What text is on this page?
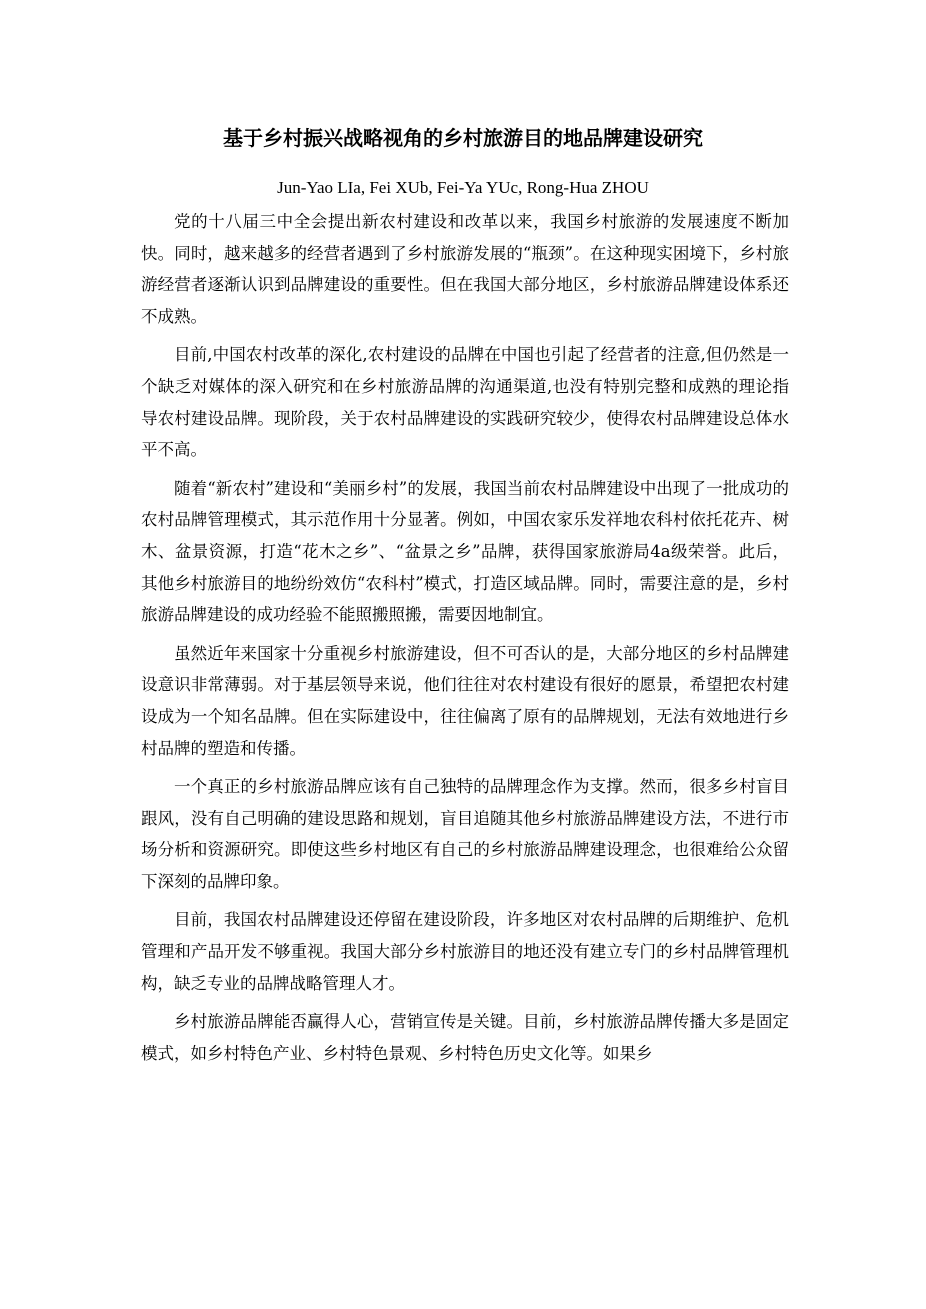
基于乡村振兴战略视角的乡村旅游目的地品牌建设研究
Jun-Yao LIa, Fei XUb, Fei-Ya YUc, Rong-Hua ZHOU

党的十八届三中全会提出新农村建设和改革以来，我国乡村旅游的发展速度不断加快。同时，越来越多的经营者遇到了乡村旅游发展的“瓶颈”。在这种现实困境下，乡村旅游经营者逐渐认识到品牌建设的重要性。但在我国大部分地区，乡村旅游品牌建设体系还不成熟。

目前,中国农村改革的深化,农村建设的品牌在中国也引起了经营者的注意,但仍然是一个缺乏对媒体的深入研究和在乡村旅游品牌的沟通渠道,也没有特别完整和成熟的理论指导农村建设品牌。现阶段，关于农村品牌建设的实践研究较少，使得农村品牌建设总体水平不高。

随着“新农村”建设和“美丽乡村”的发展，我国当前农村品牌建设中出现了一批成功的农村品牌管理模式，其示范作用十分显著。例如，中国农家乐发祥地农科村依托花卉、树木、盆景资源，打造“花木之乡”、“盆景之乡”品牌，获得国家旅游局4a级荣誉。此后，其他乡村旅游目的地纷纷效仿“农科村”模式，打造区域品牌。同时，需要注意的是，乡村旅游品牌建设的成功经验不能照搬照搬，需要因地制宜。

虽然近年来国家十分重视乡村旅游建设，但不可否认的是，大部分地区的乡村品牌建设意识非常薄弱。对于基层领导来说，他们往往对农村建设有很好的愿景，希望把农村建设成为一个知名品牌。但在实际建设中，往往偏离了原有的品牌规划，无法有效地进行乡村品牌的塑造和传播。

一个真正的乡村旅游品牌应该有自己独特的品牌理念作为支撑。然而，很多乡村盲目跟风，没有自己明确的建设思路和规划，盲目追随其他乡村旅游品牌建设方法，不进行市场分析和资源研究。即使这些乡村地区有自己的乡村旅游品牌建设理念，也很难给公众留下深刻的品牌印象。

目前，我国农村品牌建设还停留在建设阶段，许多地区对农村品牌的后期维护、危机管理和产品开发不够重视。我国大部分乡村旅游目的地还没有建立专门的乡村品牌管理机构，缺乏专业的品牌战略管理人才。

乡村旅游品牌能否赢得人心，营销宣传是关键。目前，乡村旅游品牌传播大多是固定模式，如乡村特色产业、乡村特色景观、乡村特色历史文化等。如果乡
